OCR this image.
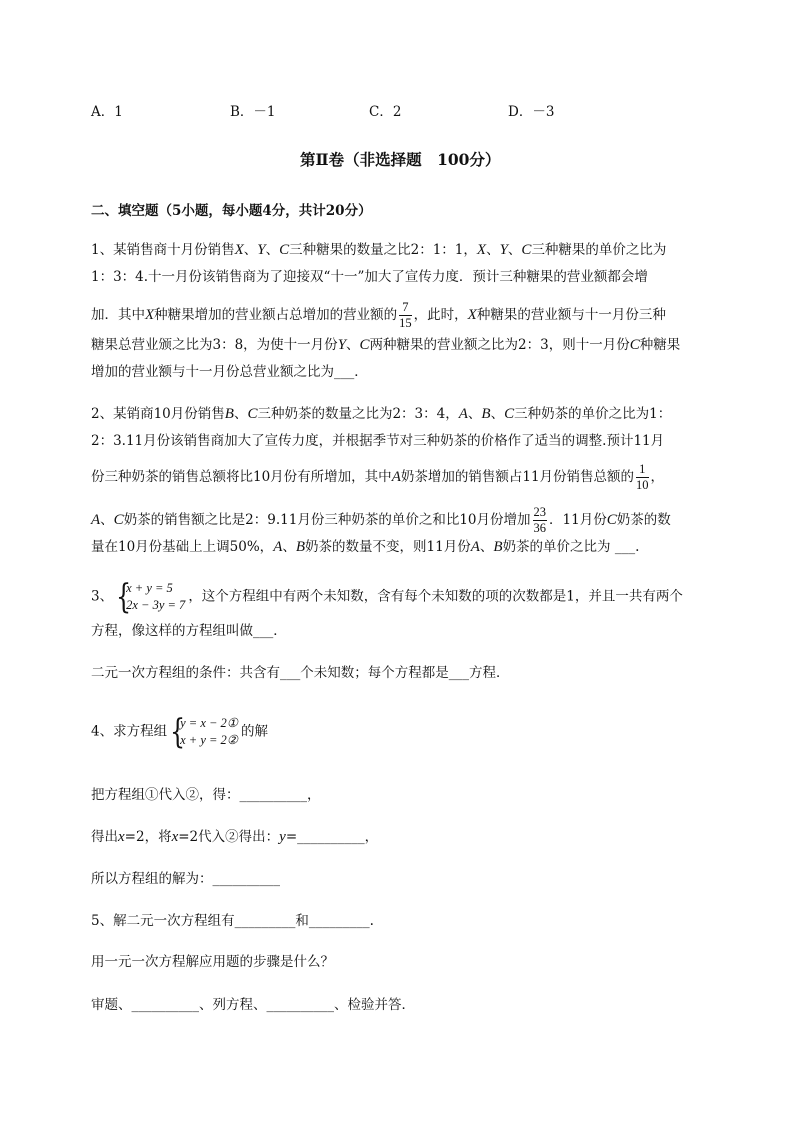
A．1	B．－1	C．2	D．－3
第Ⅱ卷（非选择题　100分）
二、填空题（5小题，每小题4分，共计20分）
1、某销售商十月份销售X、Y、C三种糖果的数量之比2：1：1，X、Y、C三种糖果的单价之比为
1：3：4.十一月份该销售商为了迎接双“十一”加大了宣传力度．预计三种糖果的营业额都会增
加．其中X种糖果增加的营业额占总增加的营业额的 $\frac{7}{15}$ ，此时，X种糖果的营业额与十一月份三种
糖果总营业颁之比为3：8，为使十一月份Y、C两种糖果的营业额之比为2：3，则十一月份C种糖果
增加的营业额与十一月份总营业额之比为___．
2、某销商10月份销售B、C三种奶茶的数量之比为2：3：4，A、B、C三种奶茶的单价之比为1：
2：3.11月份该销售商加大了宣传力度，并根据季节对三种奶茶的价格作了适当的调整.预计11月
份三种奶茶的销售总额将比10月份有所增加，其中A奶茶增加的销售额占11月份销售总额的 $\frac{1}{10}$ ，
A、C奶茶的销售额之比是2：9.11月份三种奶茶的单价之和比10月份增加 $\frac{23}{36}$ ．11月份C奶茶的数
量在10月份基础上上调50%，A、B奶茶的数量不变，则11月份A、B奶茶的单价之比为 ___.
3、 {
x + y = 5
2x − 3y = 7
，这个方程组中有两个未知数，含有每个未知数的项的次数都是1，并且一共有两个
方程，像这样的方程组叫做___．
二元一次方程组的条件：共含有___个未知数；每个方程都是___方程．
4、求方程组 {
y = x − 2①
x + y = 2②
的解
把方程组①代入②，得：__________，
得出x=2，将x=2代入②得出：y=__________，
所以方程组的解为：__________
5、解二元一次方程组有_________和_________.
用一元一次方程解应用题的步骤是什么？
审题、__________、列方程、__________、检验并答．
